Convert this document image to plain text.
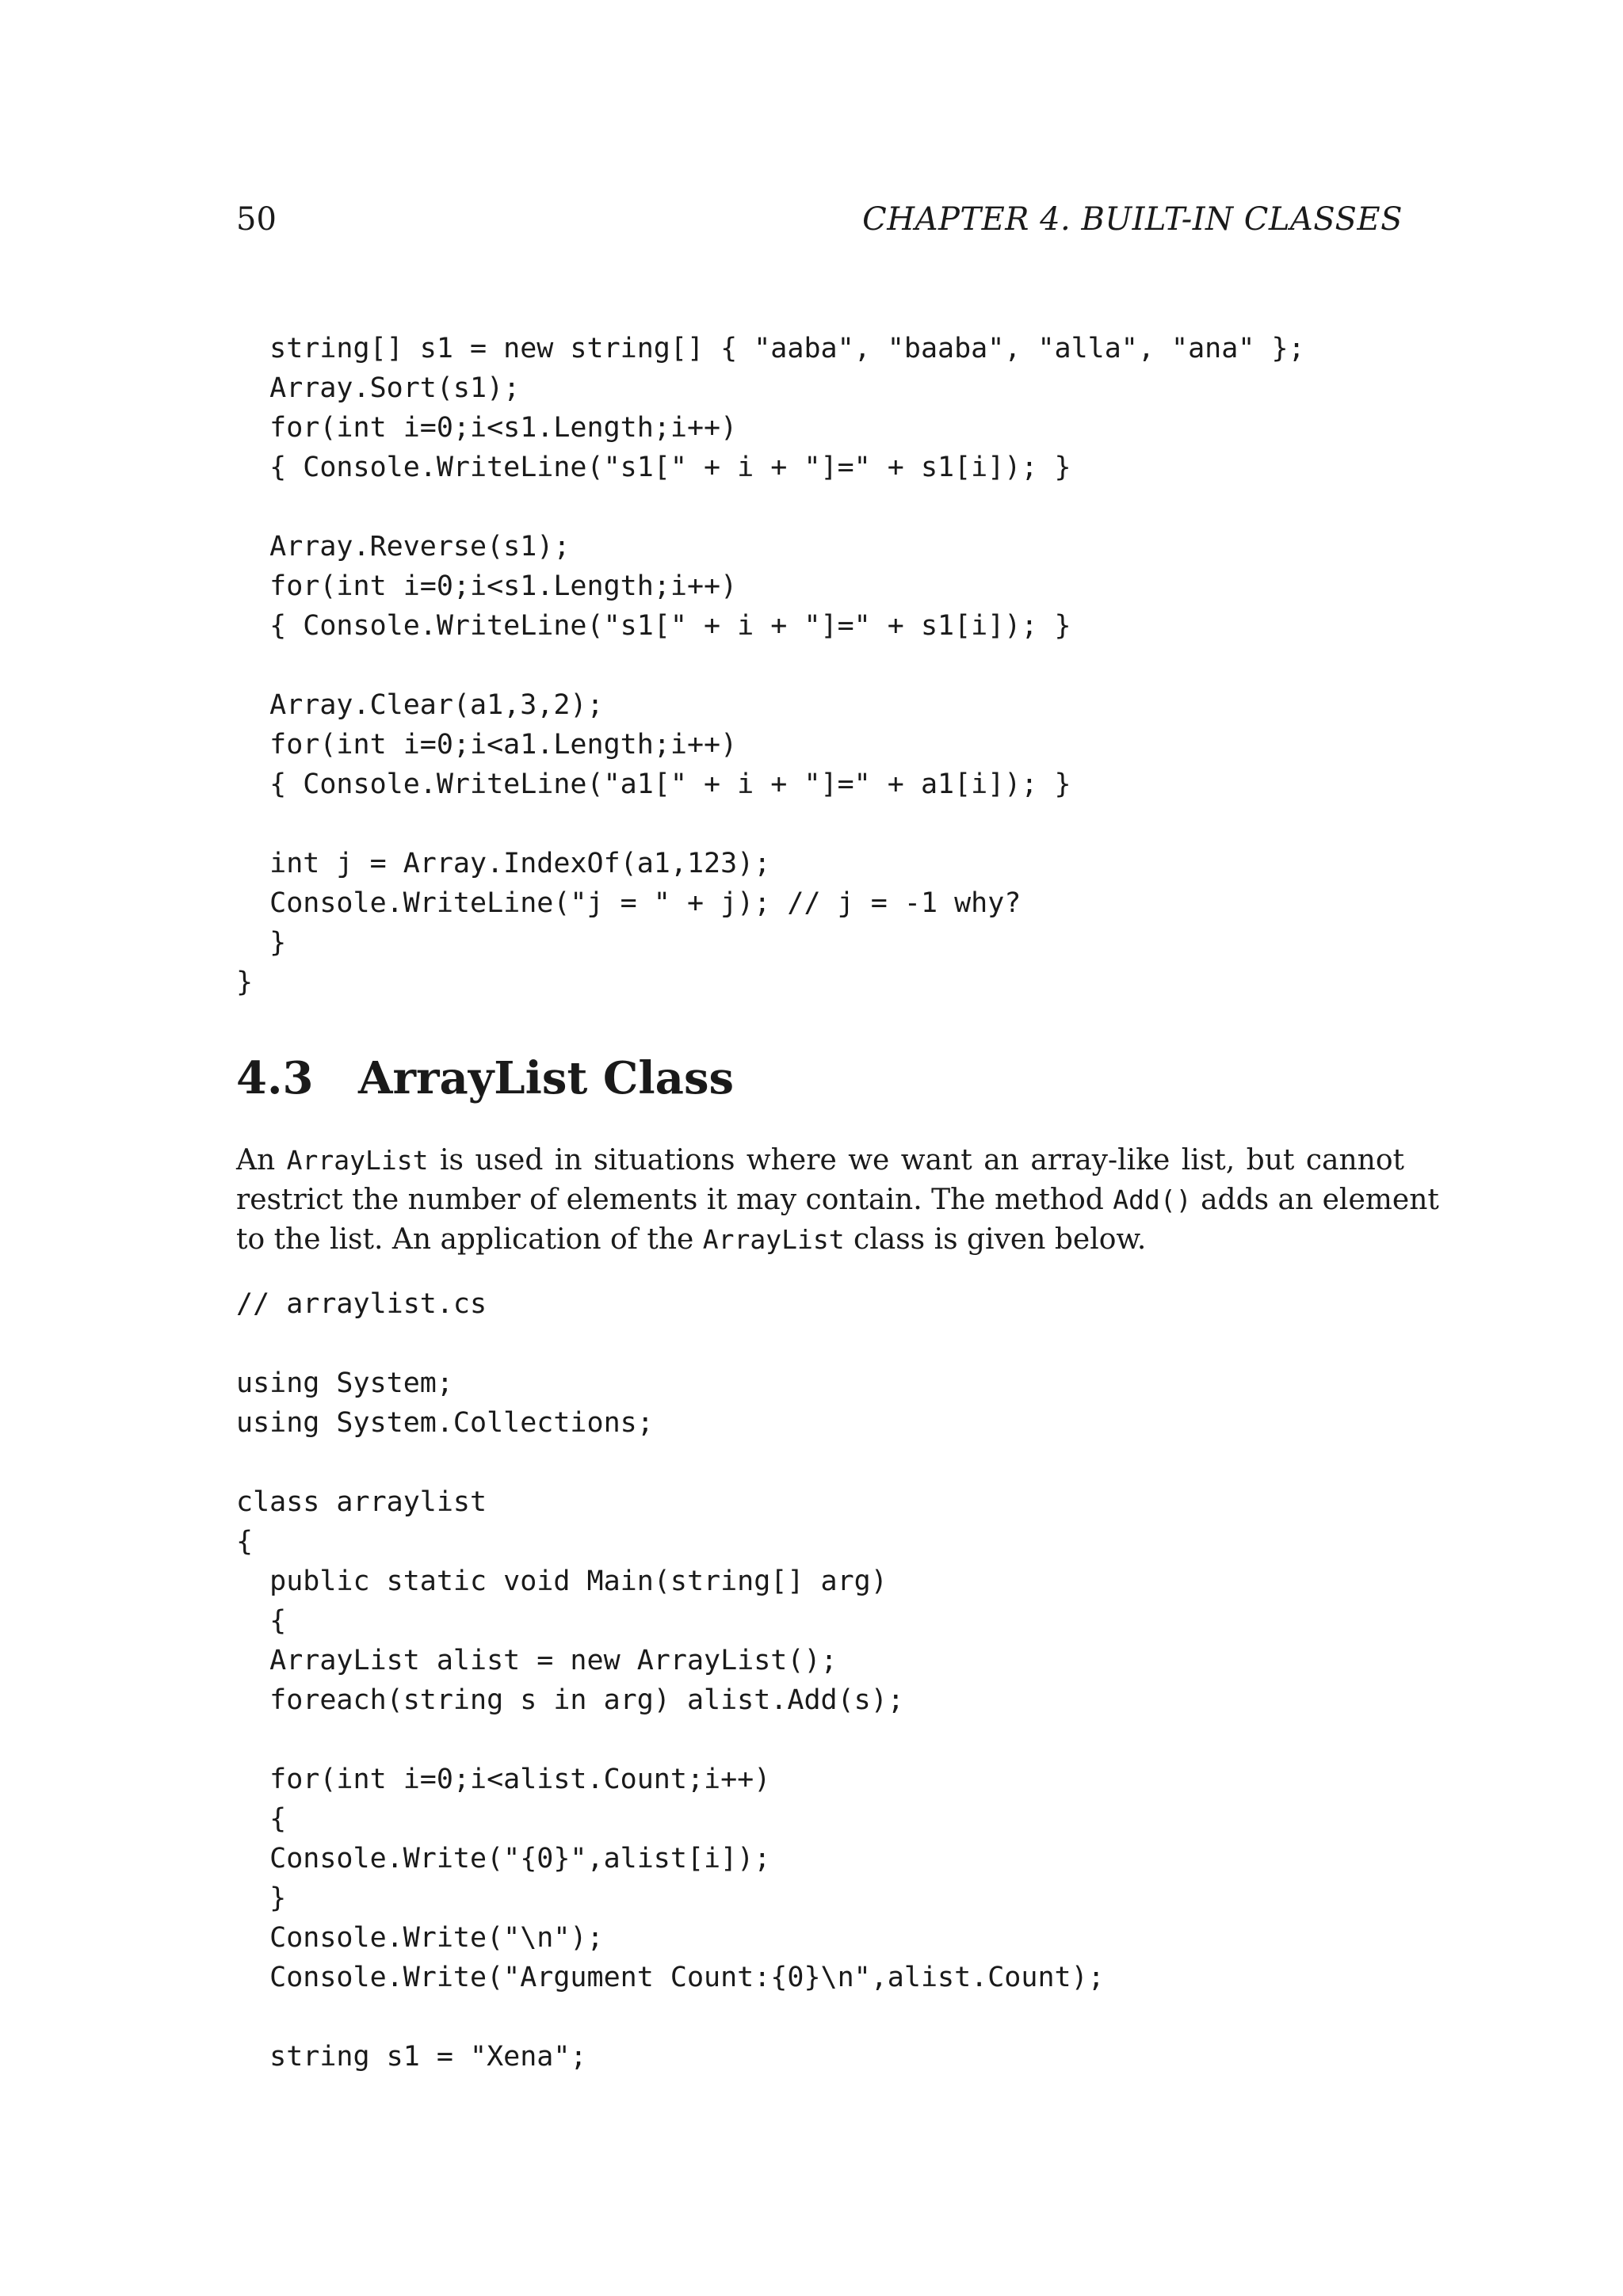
50	CHAPTER 4. BUILT-IN CLASSES
string[] s1 = new string[] { "aaba", "baaba", "alla", "ana" };
Array.Sort(s1);
for(int i=0;i<s1.Length;i++)
{ Console.WriteLine("s1[" + i + "]=" + s1[i]); }
Array.Reverse(s1);
for(int i=0;i<s1.Length;i++)
{ Console.WriteLine("s1[" + i + "]=" + s1[i]); }
Array.Clear(a1,3,2);
for(int i=0;i<a1.Length;i++)
{ Console.WriteLine("a1[" + i + "]=" + a1[i]); }
int j = Array.IndexOf(a1,123);
Console.WriteLine("j = " + j); // j = -1 why?
}
}
4.3 ArrayList Class
An ArrayList is used in situations where we want an array-like list, but cannot
restrict the number of elements it may contain. The method Add() adds an element
to the list. An application of the ArrayList class is given below.
// arraylist.cs
using System;
using System.Collections;
class arraylist
{
public static void Main(string[] arg)
{
ArrayList alist = new ArrayList();
foreach(string s in arg) alist.Add(s);
for(int i=0;i<alist.Count;i++)
{
Console.Write("{0}",alist[i]);
}
Console.Write("\n");
Console.Write("Argument Count:{0}\n",alist.Count);
string s1 = "Xena";
